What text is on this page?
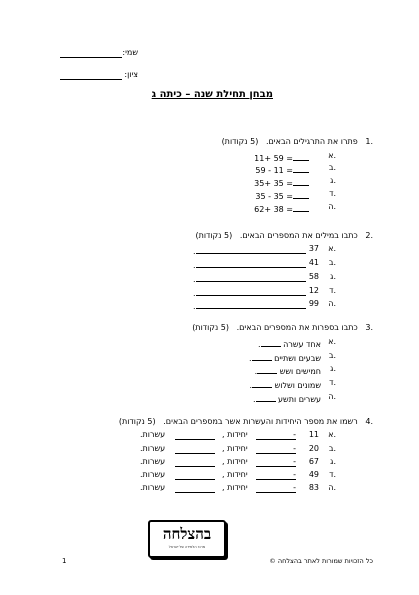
שמי:
ציון:
מבחן תחילת שנה – כיתה ג
.1   פתרו את התרגילים הבאים.   (5 נקודות)
א.
11+ 59 =
ב.
59 - 11 =
ג.
35+ 35 =
ד.
35 - 35 =
ה.
62+ 38 =
.2   כתבו במילים את המספרים הבאים.   (5 נקודות)
א.
37
.
ב.
41
.
ג.
58
.
ד.
12
.
ה.
99
.
.3   כתבו בספרות את המספרים הבאים.   (5 נקודות)
א.
אחד עשרה .
ב.
שבעים ושתיים .
ג.
חמישים ושש .
ד.
שמונים ושלוש .
ה.
עשרים ותשע .
.4   רשמו את מספר היחידות והעשרות אשר במספרים הבאים.   (5 נקודות)
א.
11
-
יחידות ,
עשרות.
ב.
20
-
יחידות ,
עשרות.
ג.
67
-
יחידות ,
עשרות.
ד.
49
-
יחידות ,
עשרות.
ה.
83
-
יחידות ,
עשרות.
בהצלחה
מרכז הלמידה של ישראל
כל הזכויות שמורות לאתר בהצלחה ©
1
